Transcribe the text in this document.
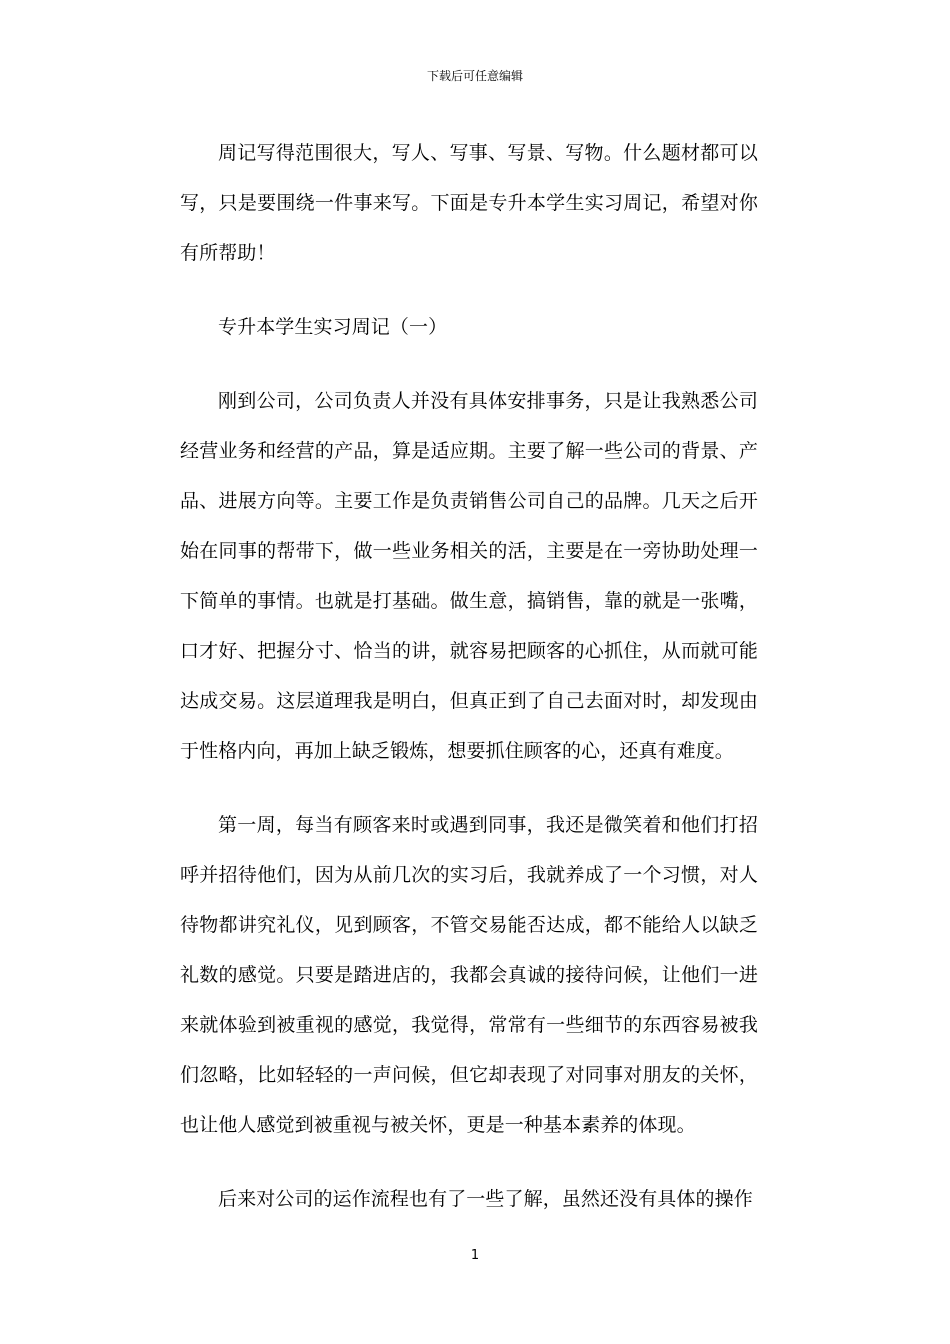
下载后可任意编辑

周记写得范围很大，写人、写事、写景、写物。什么题材都可以写，只是要围绕一件事来写。下面是专升本学生实习周记，希望对你有所帮助！

专升本学生实习周记（一）

刚到公司，公司负责人并没有具体安排事务，只是让我熟悉公司经营业务和经营的产品，算是适应期。主要了解一些公司的背景、产品、进展方向等。主要工作是负责销售公司自己的品牌。几天之后开始在同事的帮带下，做一些业务相关的活，主要是在一旁协助处理一下简单的事情。也就是打基础。做生意，搞销售，靠的就是一张嘴，口才好、把握分寸、恰当的讲，就容易把顾客的心抓住，从而就可能达成交易。这层道理我是明白，但真正到了自己去面对时，却发现由于性格内向，再加上缺乏锻炼，想要抓住顾客的心，还真有难度。

第一周，每当有顾客来时或遇到同事，我还是微笑着和他们打招呼并招待他们，因为从前几次的实习后，我就养成了一个习惯，对人待物都讲究礼仪，见到顾客，不管交易能否达成，都不能给人以缺乏礼数的感觉。只要是踏进店的，我都会真诚的接待问候，让他们一进来就体验到被重视的感觉，我觉得，常常有一些细节的东西容易被我们忽略，比如轻轻的一声问候，但它却表现了对同事对朋友的关怀，也让他人感觉到被重视与被关怀，更是一种基本素养的体现。

后来对公司的运作流程也有了一些了解，虽然还没有具体的操作

1
